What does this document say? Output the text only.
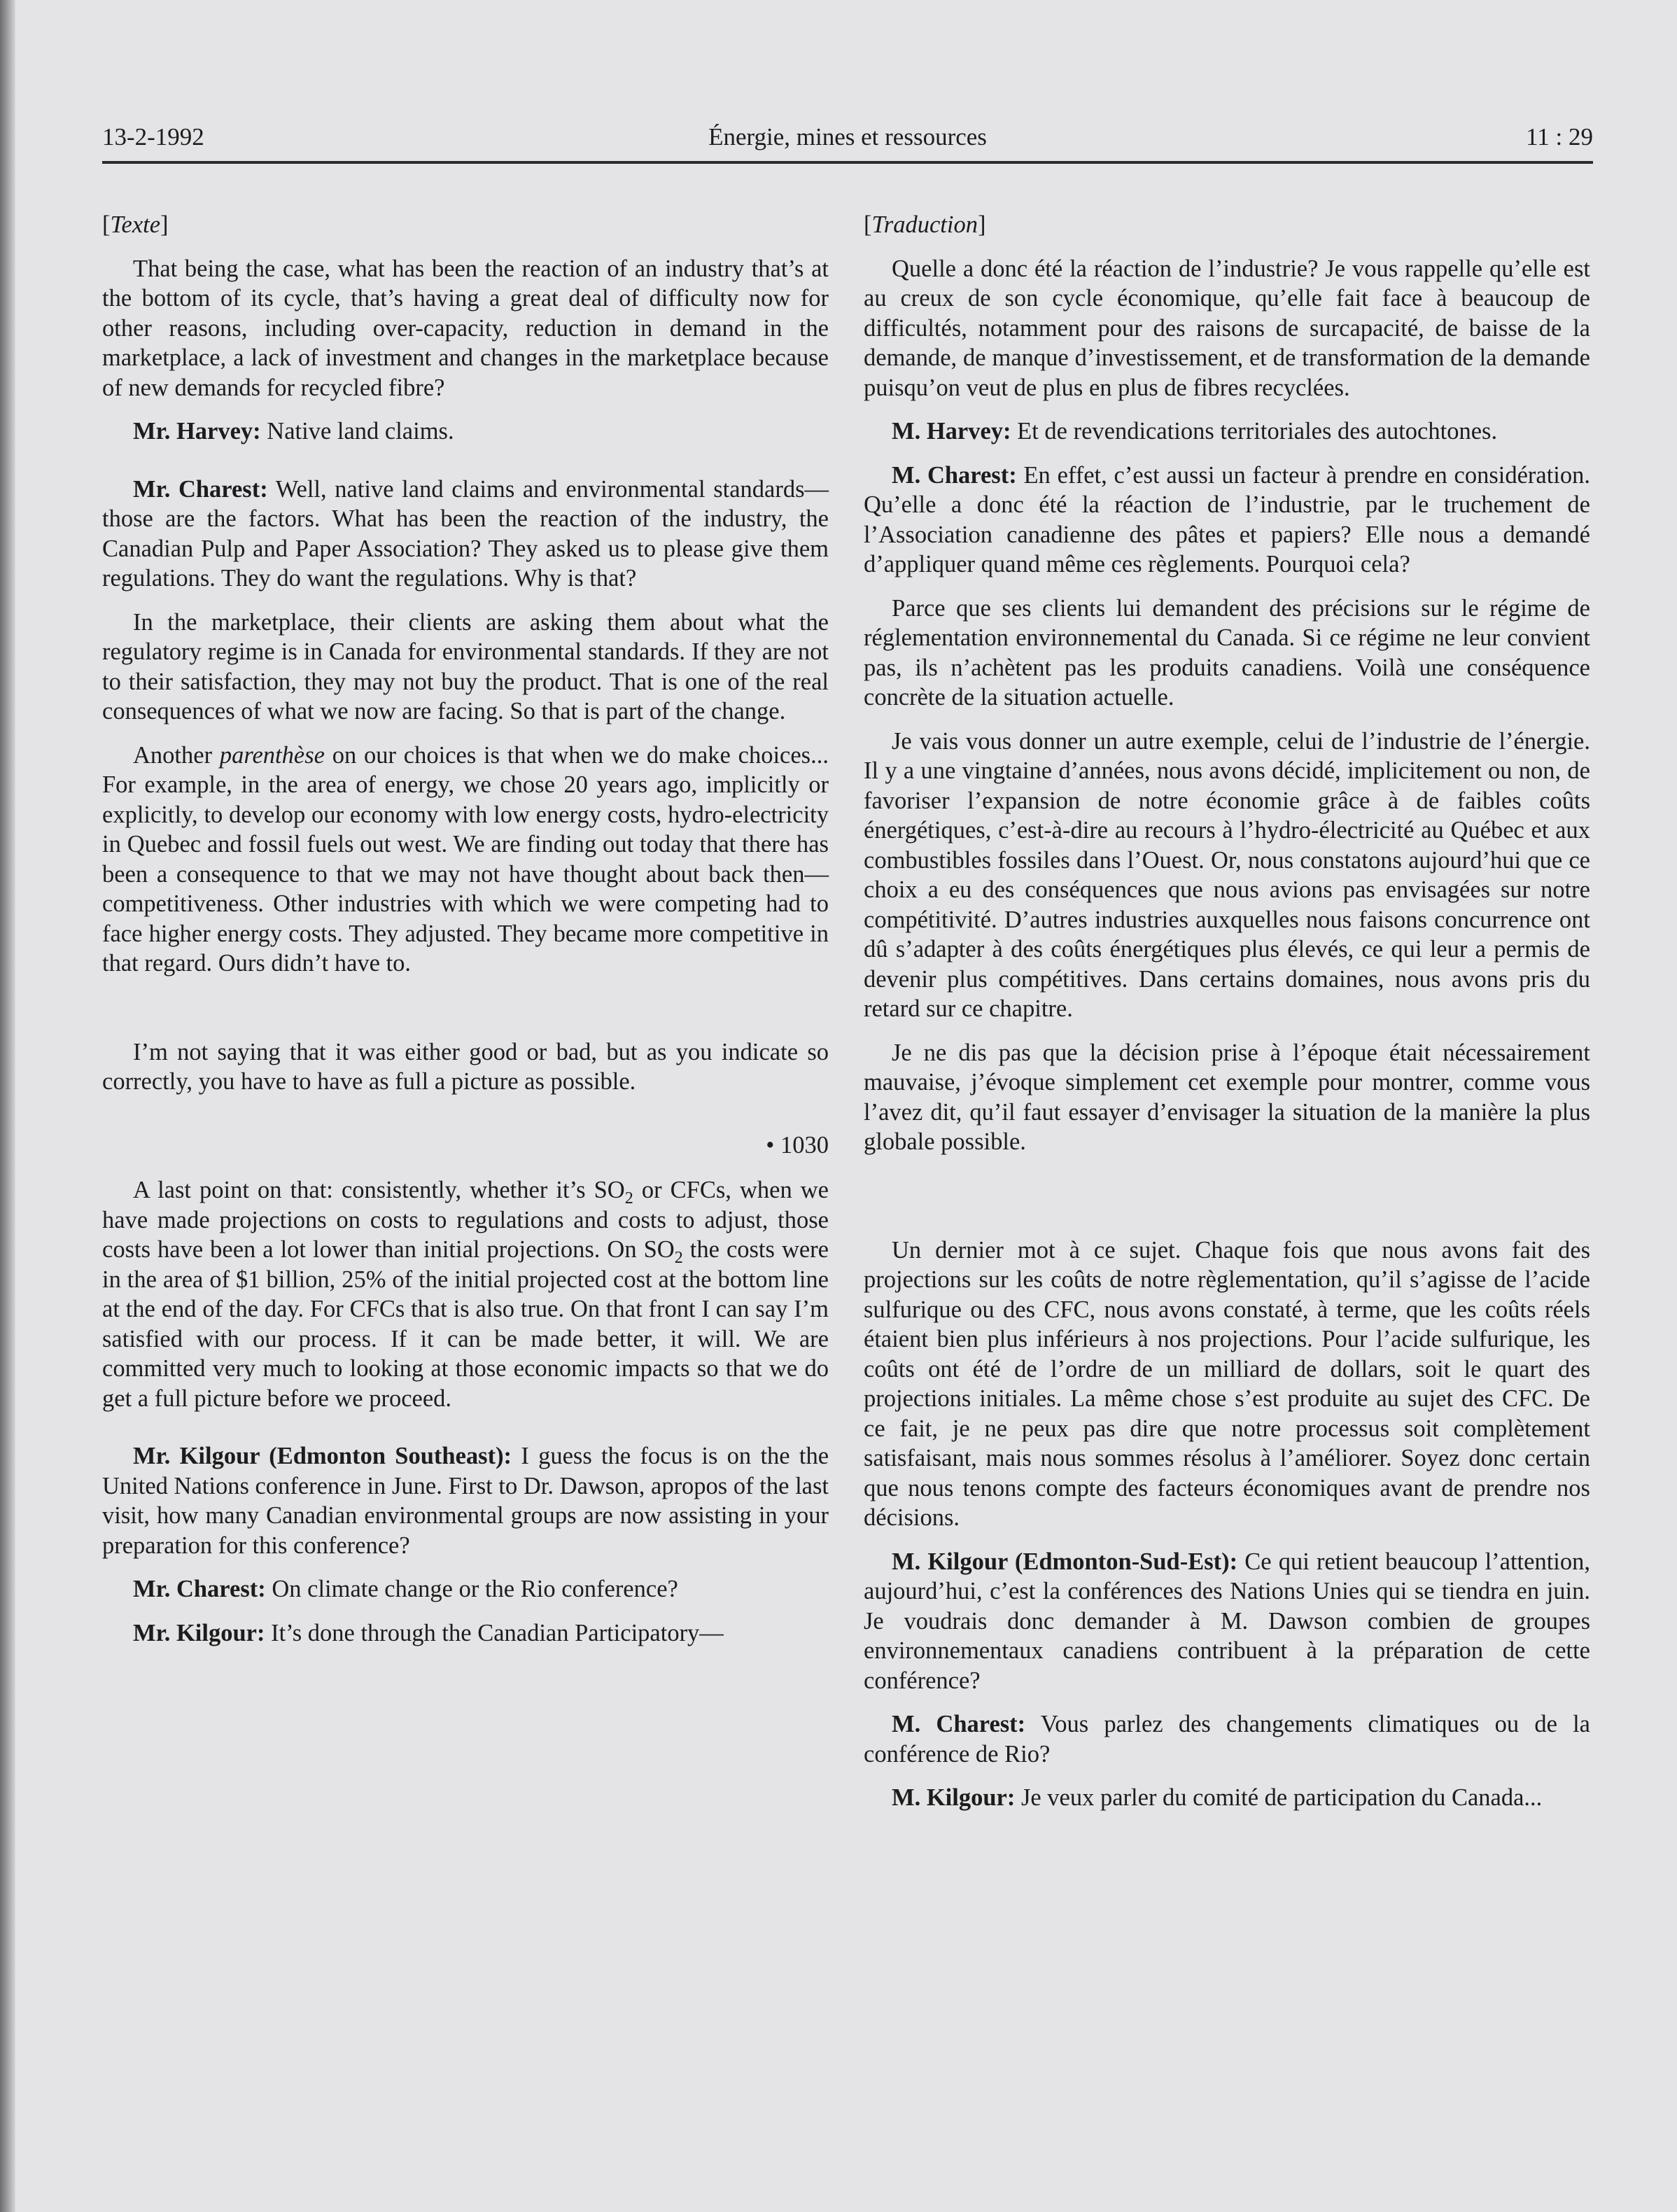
13-2-1992	Énergie, mines et ressources	11 : 29
[ Texte ]

That being the case, what has been the reaction of an industry that’s at the bottom of its cycle, that’s having a great deal of difficulty now for other reasons, including over-capacity, reduction in demand in the marketplace, a lack of investment and changes in the marketplace because of new demands for recycled fibre?

Mr. Harvey: Native land claims.

Mr. Charest: Well, native land claims and environmental standards—those are the factors. What has been the reaction of the industry, the Canadian Pulp and Paper Association? They asked us to please give them regulations. They do want the regulations. Why is that?

In the marketplace, their clients are asking them about what the regulatory regime is in Canada for environmental standards. If they are not to their satisfaction, they may not buy the product. That is one of the real consequences of what we now are facing. So that is part of the change.

Another parenthèse on our choices is that when we do make choices... For example, in the area of energy, we chose 20 years ago, implicitly or explicitly, to develop our economy with low energy costs, hydro-electricity in Quebec and fossil fuels out west. We are finding out today that there has been a consequence to that we may not have thought about back then—competitiveness. Other industries with which we were competing had to face higher energy costs. They adjusted. They became more competitive in that regard. Ours didn’t have to.

I’m not saying that it was either good or bad, but as you indicate so correctly, you have to have as full a picture as possible.

• 1030

A last point on that: consistently, whether it’s $SO_2$ or CFCs, when we have made projections on costs to regulations and costs to adjust, those costs have been a lot lower than initial projections. On $SO_2$ the costs were in the area of $1 billion, 25% of the initial projected cost at the bottom line at the end of the day. For CFCs that is also true. On that front I can say I’m satisfied with our process. If it can be made better, it will. We are committed very much to looking at those economic impacts so that we do get a full picture before we proceed.

Mr. Kilgour (Edmonton Southeast): I guess the focus is on the the United Nations conference in June. First to Dr. Dawson, apropos of the last visit, how many Canadian environmental groups are now assisting in your preparation for this conference?

Mr. Charest: On climate change or the Rio conference?

Mr. Kilgour: It’s done through the Canadian Participatory—

[ Traduction ]

Quelle a donc été la réaction de l’industrie? Je vous rappelle qu’elle est au creux de son cycle économique, qu’elle fait face à beaucoup de difficultés, notamment pour des raisons de surcapacité, de baisse de la demande, de manque d’investissement, et de transformation de la demande puisqu’on veut de plus en plus de fibres recyclées.

M. Harvey: Et de revendications territoriales des autochtones.

M. Charest: En effet, c’est aussi un facteur à prendre en considération. Qu’elle a donc été la réaction de l’industrie, par le truchement de l’Association canadienne des pâtes et papiers? Elle nous a demandé d’appliquer quand même ces règlements. Pourquoi cela?

Parce que ses clients lui demandent des précisions sur le régime de réglementation environnemental du Canada. Si ce régime ne leur convient pas, ils n’achètent pas les produits canadiens. Voilà une conséquence concrète de la situation actuelle.

Je vais vous donner un autre exemple, celui de l’industrie de l’énergie. Il y a une vingtaine d’années, nous avons décidé, implicitement ou non, de favoriser l’expansion de notre économie grâce à de faibles coûts énergétiques, c’est-à-dire au recours à l’hydro-électricité au Québec et aux combustibles fossiles dans l’Ouest. Or, nous constatons aujourd’hui que ce choix a eu des conséquences que nous avions pas envisagées sur notre compétitivité. D’autres industries auxquelles nous faisons concurrence ont dû s’adapter à des coûts énergétiques plus élevés, ce qui leur a permis de devenir plus compétitives. Dans certains domaines, nous avons pris du retard sur ce chapitre.

Je ne dis pas que la décision prise à l’époque était nécessairement mauvaise, j’évoque simplement cet exemple pour montrer, comme vous l’avez dit, qu’il faut essayer d’envisager la situation de la manière la plus globale possible.

Un dernier mot à ce sujet. Chaque fois que nous avons fait des projections sur les coûts de notre règlementation, qu’il s’agisse de l’acide sulfurique ou des CFC, nous avons constaté, à terme, que les coûts réels étaient bien plus inférieurs à nos projections. Pour l’acide sulfurique, les coûts ont été de l’ordre de un milliard de dollars, soit le quart des projections initiales. La même chose s’est produite au sujet des CFC. De ce fait, je ne peux pas dire que notre processus soit complètement satisfaisant, mais nous sommes résolus à l’améliorer. Soyez donc certain que nous tenons compte des facteurs économiques avant de prendre nos décisions.

M. Kilgour (Edmonton-Sud-Est): Ce qui retient beaucoup l’attention, aujourd’hui, c’est la conférences des Nations Unies qui se tiendra en juin. Je voudrais donc demander à M. Dawson combien de groupes environnementaux canadiens contribuent à la préparation de cette conférence?

M. Charest: Vous parlez des changements climatiques ou de la conférence de Rio?

M. Kilgour: Je veux parler du comité de participation du Canada...
